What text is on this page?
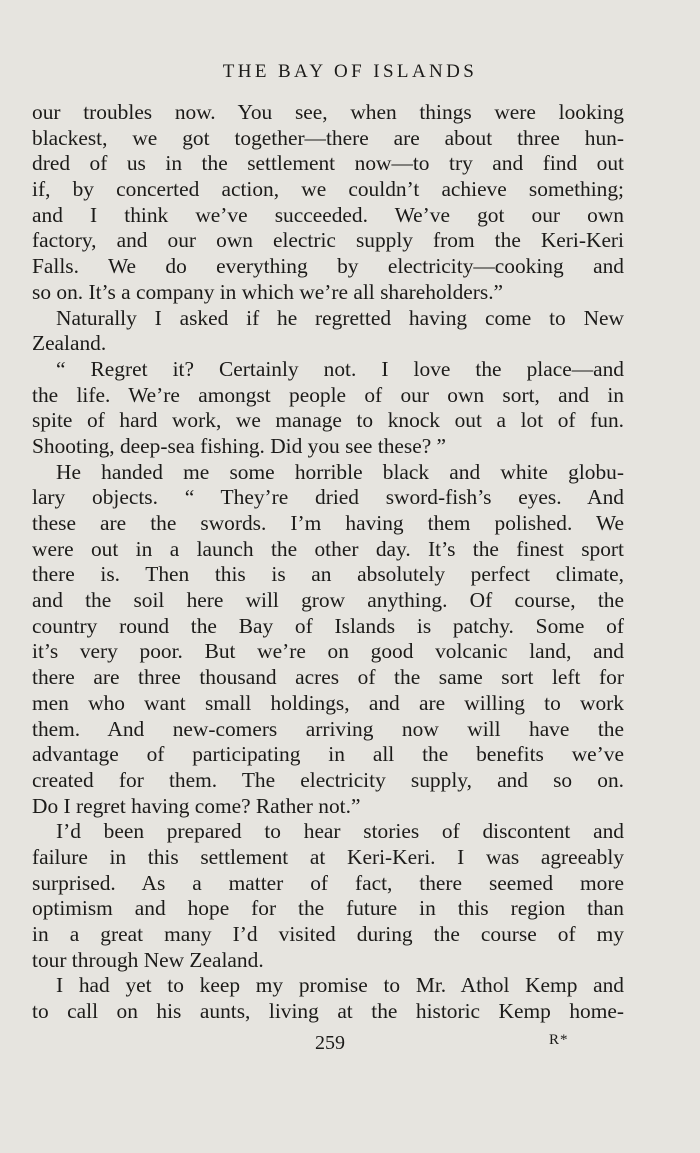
THE BAY OF ISLANDS
our troubles now. You see, when things were looking
blackest, we got together—there are about three hun-
dred of us in the settlement now—to try and find out
if, by concerted action, we couldn’t achieve something;
and I think we’ve succeeded. We’ve got our own
factory, and our own electric supply from the Keri-Keri
Falls. We do everything by electricity—cooking and
so on. It’s a company in which we’re all shareholders.”
Naturally I asked if he regretted having come to New
Zealand.
“ Regret it? Certainly not. I love the place—and
the life. We’re amongst people of our own sort, and in
spite of hard work, we manage to knock out a lot of fun.
Shooting, deep-sea fishing. Did you see these? ”
He handed me some horrible black and white globu-
lary objects. “ They’re dried sword-fish’s eyes. And
these are the swords. I’m having them polished. We
were out in a launch the other day. It’s the finest sport
there is. Then this is an absolutely perfect climate,
and the soil here will grow anything. Of course, the
country round the Bay of Islands is patchy. Some of
it’s very poor. But we’re on good volcanic land, and
there are three thousand acres of the same sort left for
men who want small holdings, and are willing to work
them. And new-comers arriving now will have the
advantage of participating in all the benefits we’ve
created for them. The electricity supply, and so on.
Do I regret having come? Rather not.”
I’d been prepared to hear stories of discontent and
failure in this settlement at Keri-Keri. I was agreeably
surprised. As a matter of fact, there seemed more
optimism and hope for the future in this region than
in a great many I’d visited during the course of my
tour through New Zealand.
I had yet to keep my promise to Mr. Athol Kemp and
to call on his aunts, living at the historic Kemp home-
259	R*
